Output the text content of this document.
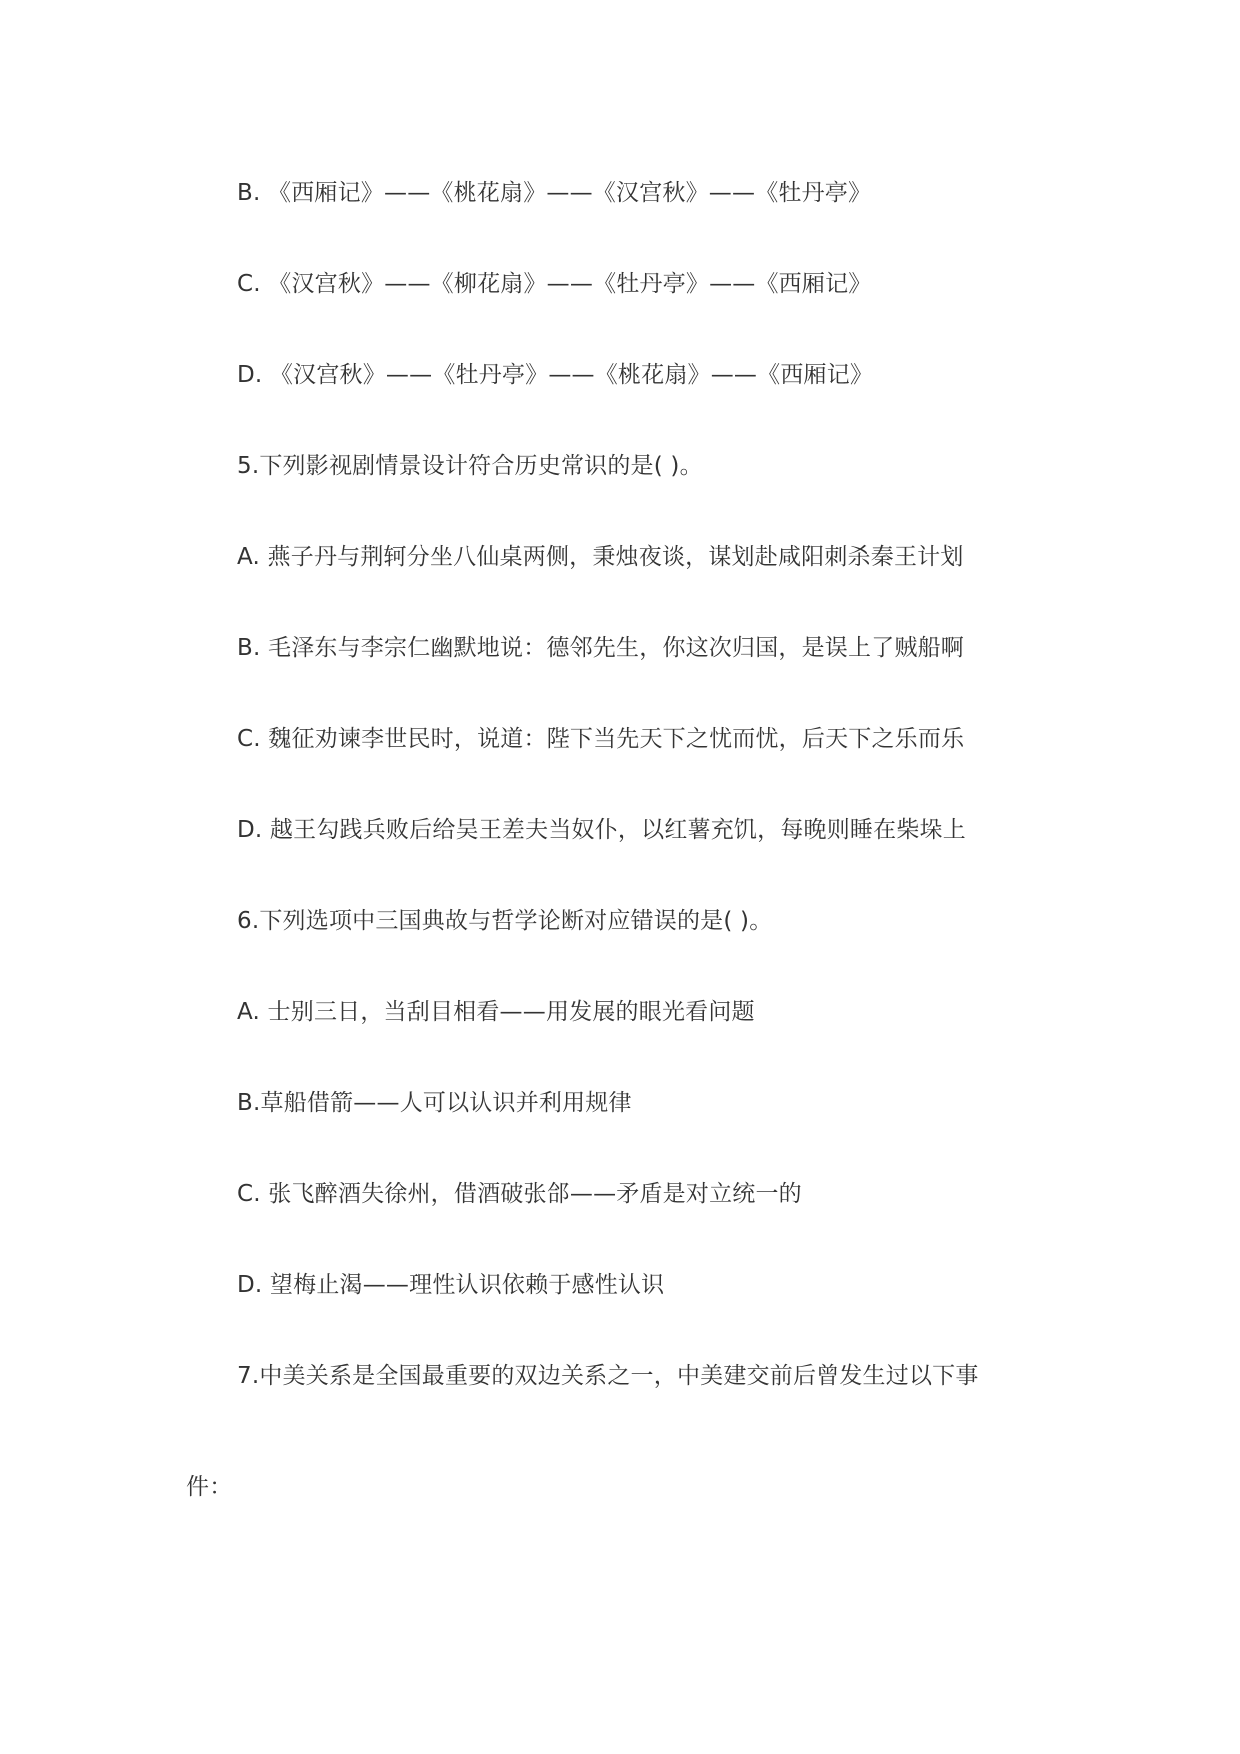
B. 《西厢记》——《桃花扇》——《汉宫秋》——《牡丹亭》
C. 《汉宫秋》——《柳花扇》——《牡丹亭》——《西厢记》
D. 《汉宫秋》——《牡丹亭》——《桃花扇》——《西厢记》
5.下列影视剧情景设计符合历史常识的是( )。
A. 燕子丹与荆轲分坐八仙桌两侧，秉烛夜谈，谋划赴咸阳刺杀秦王计划
B. 毛泽东与李宗仁幽默地说：德邻先生，你这次归国，是误上了贼船啊
C. 魏征劝谏李世民时，说道：陛下当先天下之忧而忧，后天下之乐而乐
D. 越王勾践兵败后给吴王差夫当奴仆，以红薯充饥，每晚则睡在柴垛上
6.下列选项中三国典故与哲学论断对应错误的是( )。
A. 士别三日，当刮目相看——用发展的眼光看问题
B.草船借箭——人可以认识并利用规律
C. 张飞醉酒失徐州，借酒破张郃——矛盾是对立统一的
D. 望梅止渴——理性认识依赖于感性认识
7.中美关系是全国最重要的双边关系之一，中美建交前后曾发生过以下事
件：
